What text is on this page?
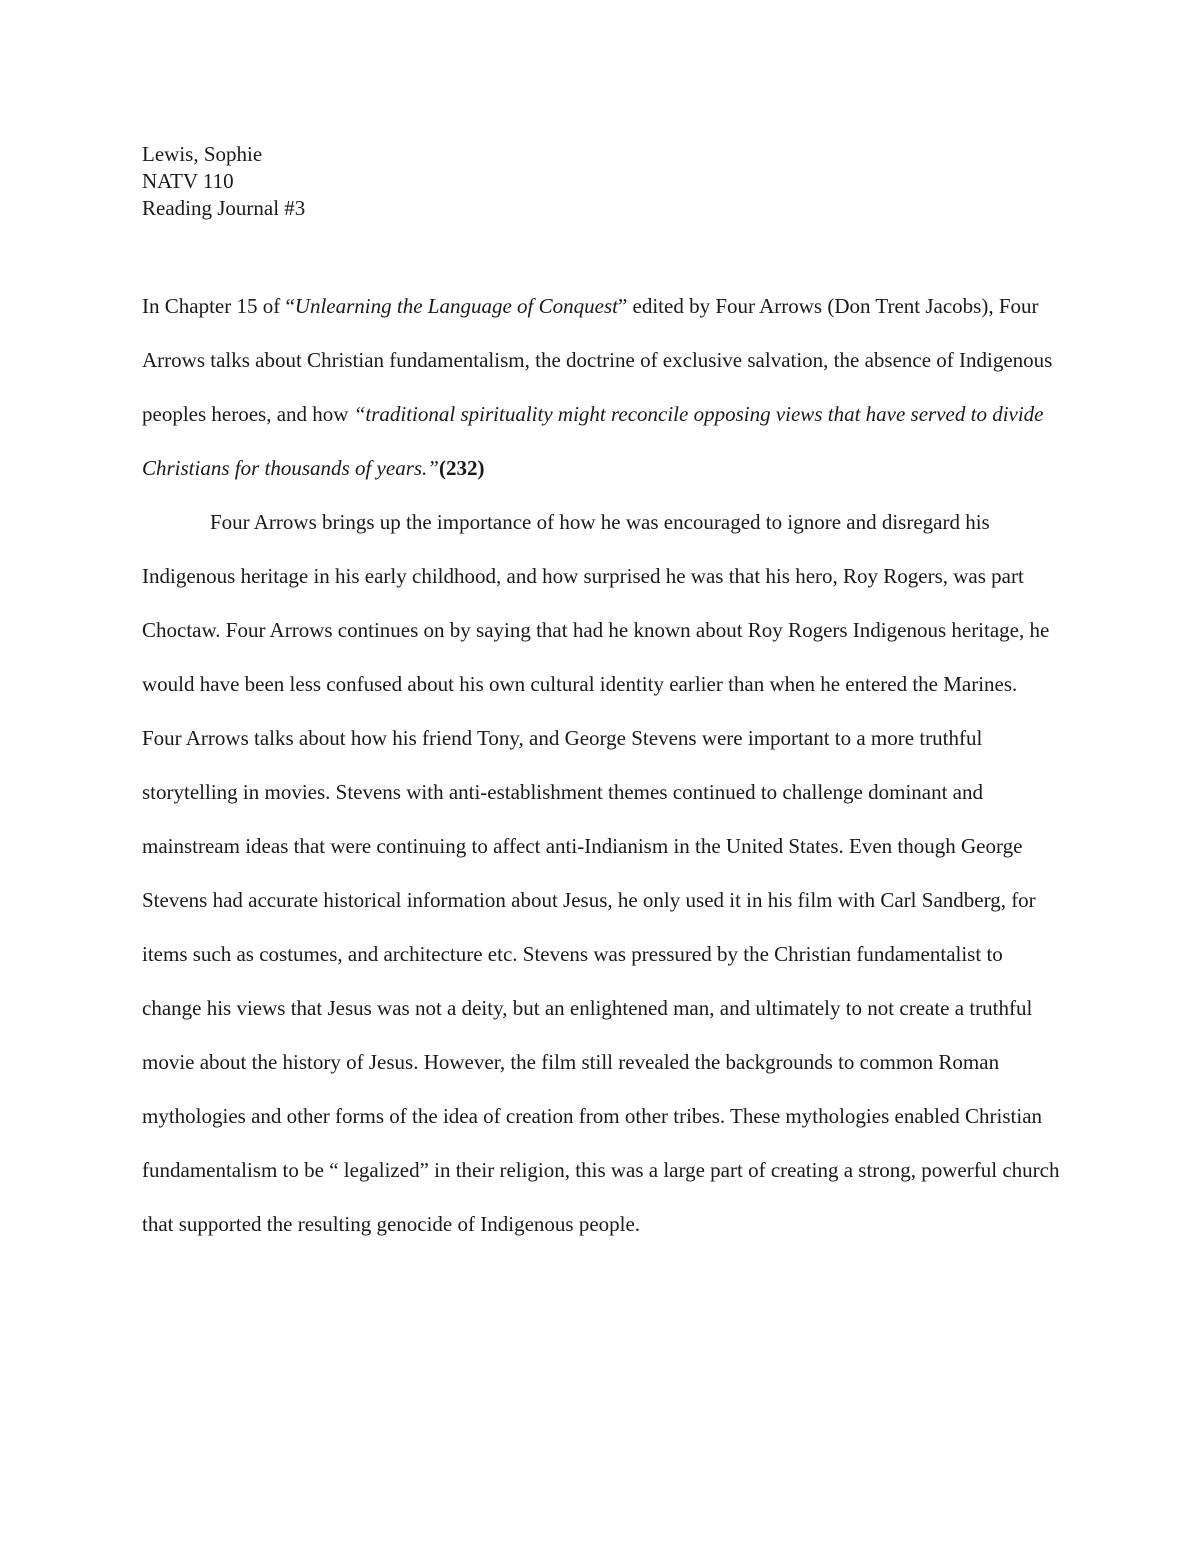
Lewis, Sophie
NATV 110
Reading Journal #3

In Chapter 15 of “Unlearning the Language of Conquest” edited by Four Arrows (Don Trent Jacobs), Four Arrows talks about Christian fundamentalism, the doctrine of exclusive salvation, the absence of Indigenous peoples heroes, and how “traditional spirituality might reconcile opposing views that have served to divide Christians for thousands of years.”(232)

Four Arrows brings up the importance of how he was encouraged to ignore and disregard his Indigenous heritage in his early childhood, and how surprised he was that his hero, Roy Rogers, was part Choctaw. Four Arrows continues on by saying that had he known about Roy Rogers Indigenous heritage, he would have been less confused about his own cultural identity earlier than when he entered the Marines. Four Arrows talks about how his friend Tony, and George Stevens were important to a more truthful storytelling in movies. Stevens with anti-establishment themes continued to challenge dominant and mainstream ideas that were continuing to affect anti-Indianism in the United States. Even though George Stevens had accurate historical information about Jesus, he only used it in his film with Carl Sandberg, for items such as costumes, and architecture etc. Stevens was pressured by the Christian fundamentalist to change his views that Jesus was not a deity, but an enlightened man, and ultimately to not create a truthful movie about the history of Jesus. However, the film still revealed the backgrounds to common Roman mythologies and other forms of the idea of creation from other tribes. These mythologies enabled Christian fundamentalism to be “ legalized” in their religion, this was a large part of creating a strong, powerful church that supported the resulting genocide of Indigenous people.
